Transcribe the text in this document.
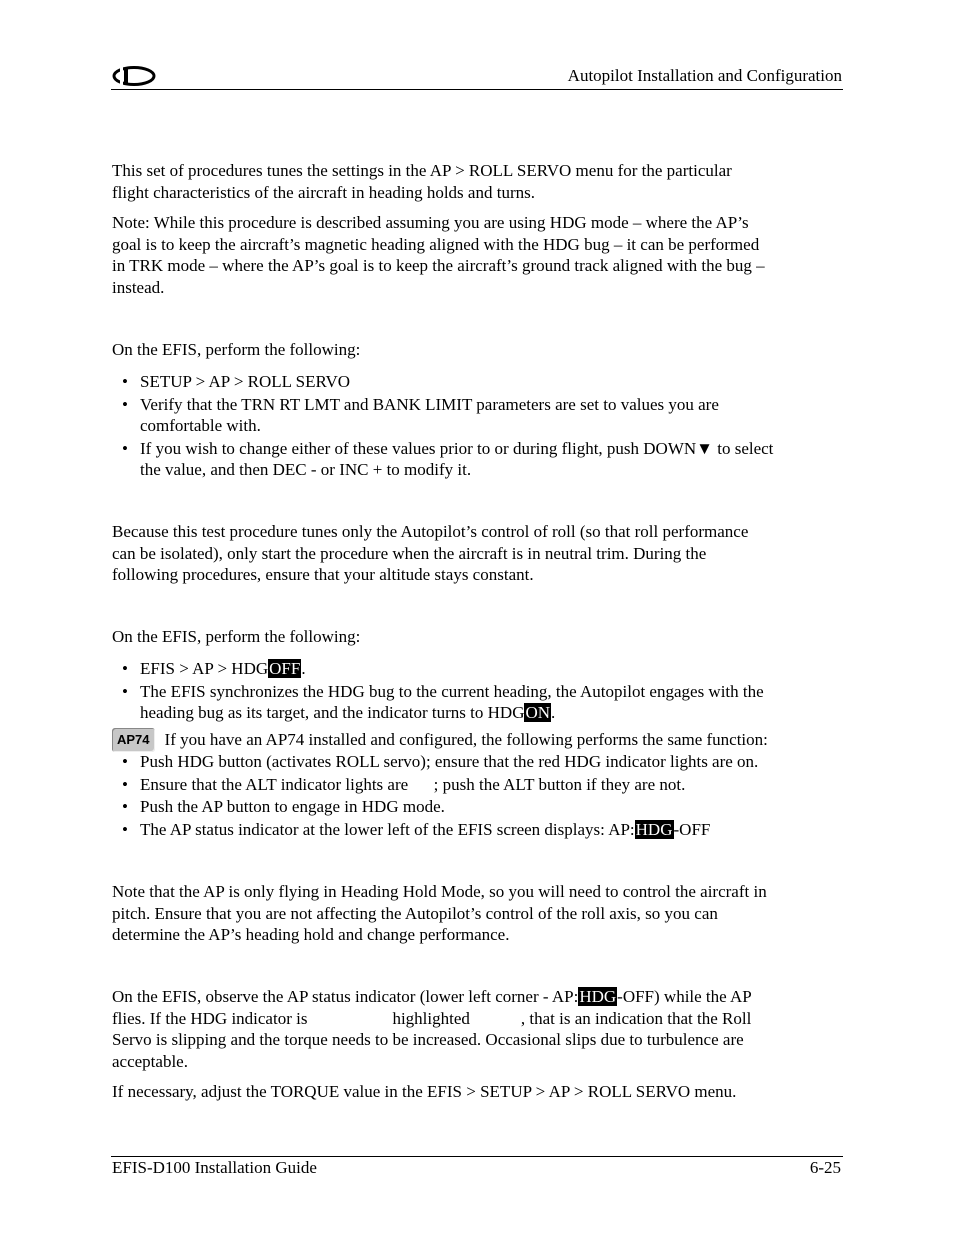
Autopilot Installation and Configuration
This set of procedures tunes the settings in the AP > ROLL SERVO menu for the particular
flight characteristics of the aircraft in heading holds and turns.
Note: While this procedure is described assuming you are using HDG mode – where the AP’s
goal is to keep the aircraft’s magnetic heading aligned with the HDG bug – it can be performed
in TRK mode – where the AP’s goal is to keep the aircraft’s ground track aligned with the bug –
instead.
On the EFIS, perform the following:
• SETUP > AP > ROLL SERVO
• Verify that the TRN RT LMT and BANK LIMIT parameters are set to values you are
comfortable with.
• If you wish to change either of these values prior to or during flight, push DOWN▼ to select
the value, and then DEC - or INC + to modify it.
Because this test procedure tunes only the Autopilot’s control of roll (so that roll performance
can be isolated), only start the procedure when the aircraft is in neutral trim. During the
following procedures, ensure that your altitude stays constant.
On the EFIS, perform the following:
• EFIS > AP > HDGOFF.
• The EFIS synchronizes the HDG bug to the current heading, the Autopilot engages with the
heading bug as its target, and the indicator turns to HDGON.
AP74 If you have an AP74 installed and configured, the following performs the same function:
• Push HDG button (activates ROLL servo); ensure that the red HDG indicator lights are on.
• Ensure that the ALT indicator lights are      ; push the ALT button if they are not.
• Push the AP button to engage in HDG mode.
• The AP status indicator at the lower left of the EFIS screen displays: AP:HDG-OFF
Note that the AP is only flying in Heading Hold Mode, so you will need to control the aircraft in
pitch. Ensure that you are not affecting the Autopilot’s control of the roll axis, so you can
determine the AP’s heading hold and change performance.
On the EFIS, observe the AP status indicator (lower left corner - AP:HDG-OFF) while the AP
flies. If the HDG indicator is                    highlighted            , that is an indication that the Roll
Servo is slipping and the torque needs to be increased. Occasional slips due to turbulence are
acceptable.
If necessary, adjust the TORQUE value in the EFIS > SETUP > AP > ROLL SERVO menu.
EFIS-D100 Installation Guide	6-25
